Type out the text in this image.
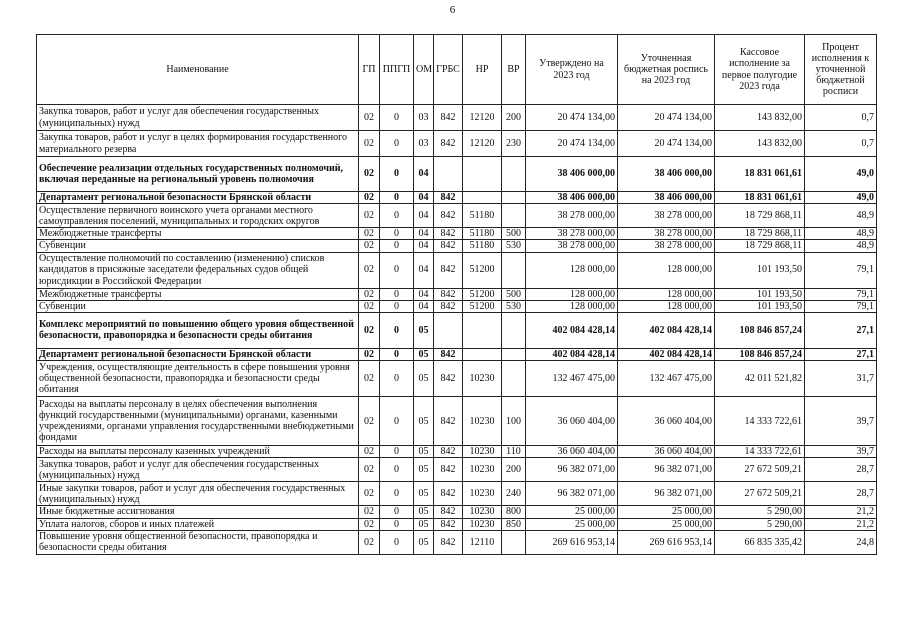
6
Наименование	ГП	ППГП	ОМ	ГРБС	НР	ВР	Утверждено на 2023 год	Уточненная бюджетная роспись на 2023 год	Кассовое исполнение за первое полугодие 2023 года	Процент исполнения к уточненной бюджетной росписи
Закупка товаров, работ и услуг для обеспечения государственных (муниципальных) нужд	02	0	03	842	12120	200	20 474 134,00	20 474 134,00	143 832,00	0,7
Закупка товаров, работ и услуг в целях формирования государственного материального резерва	02	0	03	842	12120	230	20 474 134,00	20 474 134,00	143 832,00	0,7
Обеспечение реализации отдельных государственных полномочий, включая переданные на региональный уровень полномочия	02	0	04				38 406 000,00	38 406 000,00	18 831 061,61	49,0
Департамент региональной безопасности Брянской области	02	0	04	842			38 406 000,00	38 406 000,00	18 831 061,61	49,0
Осуществление первичного воинского учета органами местного самоуправления поселений, муниципальных и городских округов	02	0	04	842	51180		38 278 000,00	38 278 000,00	18 729 868,11	48,9
Межбюджетные трансферты	02	0	04	842	51180	500	38 278 000,00	38 278 000,00	18 729 868,11	48,9
Субвенции	02	0	04	842	51180	530	38 278 000,00	38 278 000,00	18 729 868,11	48,9
Осуществление полномочий по составлению (изменению) списков кандидатов в присяжные заседатели федеральных судов общей юрисдикции в Российской Федерации	02	0	04	842	51200		128 000,00	128 000,00	101 193,50	79,1
Межбюджетные трансферты	02	0	04	842	51200	500	128 000,00	128 000,00	101 193,50	79,1
Субвенции	02	0	04	842	51200	530	128 000,00	128 000,00	101 193,50	79,1
Комплекс мероприятий по повышению общего уровня общественной безопасности, правопорядка и безопасности среды обитания	02	0	05				402 084 428,14	402 084 428,14	108 846 857,24	27,1
Департамент региональной безопасности Брянской области	02	0	05	842			402 084 428,14	402 084 428,14	108 846 857,24	27,1
Учреждения, осуществляющие деятельность в сфере повышения уровня общественной безопасности, правопорядка и безопасности среды обитания	02	0	05	842	10230		132 467 475,00	132 467 475,00	42 011 521,82	31,7
Расходы на выплаты персоналу в целях обеспечения выполнения функций государственными (муниципальными) органами, казенными учреждениями, органами управления государственными внебюджетными фондами	02	0	05	842	10230	100	36 060 404,00	36 060 404,00	14 333 722,61	39,7
Расходы на выплаты персоналу казенных учреждений	02	0	05	842	10230	110	36 060 404,00	36 060 404,00	14 333 722,61	39,7
Закупка товаров, работ и услуг для обеспечения государственных (муниципальных) нужд	02	0	05	842	10230	200	96 382 071,00	96 382 071,00	27 672 509,21	28,7
Иные закупки товаров, работ и услуг для обеспечения государственных (муниципальных) нужд	02	0	05	842	10230	240	96 382 071,00	96 382 071,00	27 672 509,21	28,7
Иные бюджетные ассигнования	02	0	05	842	10230	800	25 000,00	25 000,00	5 290,00	21,2
Уплата налогов, сборов и иных платежей	02	0	05	842	10230	850	25 000,00	25 000,00	5 290,00	21,2
Повышение уровня общественной безопасности, правопорядка и безопасности среды обитания	02	0	05	842	12110		269 616 953,14	269 616 953,14	66 835 335,42	24,8
